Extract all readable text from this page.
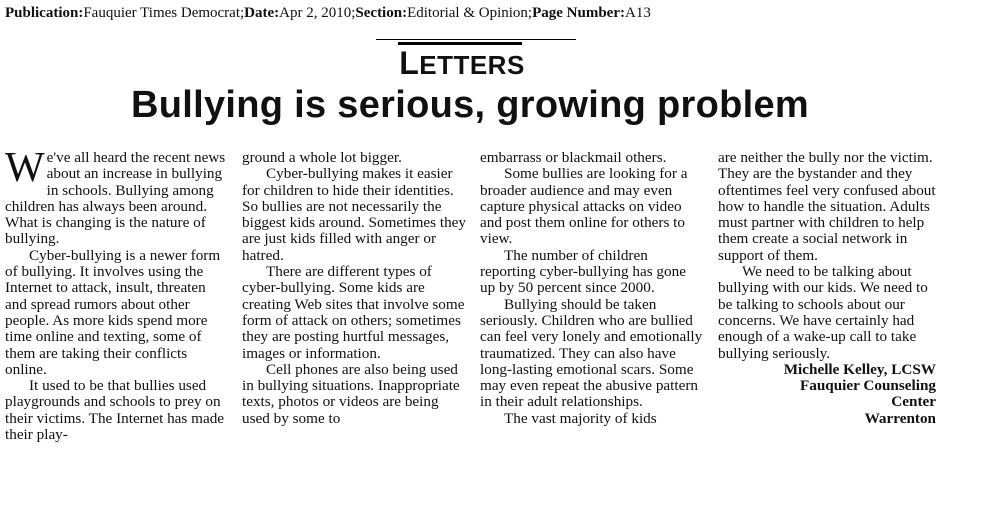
Publication:Fauquier Times Democrat;Date:Apr 2, 2010;Section:Editorial & Opinion;Page Number:A13
LETTERS
Bullying is serious, growing problem

We've all heard the recent news about an increase in bullying in schools. Bullying among children has always been around. What is changing is the nature of bullying.

Cyber-bullying is a newer form of bullying. It involves using the Internet to attack, insult, threaten and spread rumors about other people. As more kids spend more time online and texting, some of them are taking their conflicts online.

It used to be that bullies used playgrounds and schools to prey on their victims. The Internet has made their play-

ground a whole lot bigger.

Cyber-bullying makes it easier for children to hide their identities. So bullies are not necessarily the biggest kids around. Sometimes they are just kids filled with anger or hatred.

There are different types of cyber-bullying. Some kids are creating Web sites that involve some form of attack on others; sometimes they are posting hurtful messages, images or information.

Cell phones are also being used in bullying situations. Inappropriate texts, photos or videos are being used by some to

embarrass or blackmail others.

Some bullies are looking for a broader audience and may even capture physical attacks on video and post them online for others to view.

The number of children reporting cyber-bullying has gone up by 50 percent since 2000.

Bullying should be taken seriously. Children who are bullied can feel very lonely and emotionally traumatized. They can also have long-lasting emotional scars. Some may even repeat the abusive pattern in their adult relationships.

The vast majority of kids

are neither the bully nor the victim. They are the bystander and they oftentimes feel very confused about how to handle the situation. Adults must partner with children to help them create a social network in support of them.

We need to be talking about bullying with our kids. We need to be talking to schools about our concerns. We have certainly had enough of a wake-up call to take bullying seriously.

Michelle Kelley, LCSW

Fauquier Counseling

Center

Warrenton
